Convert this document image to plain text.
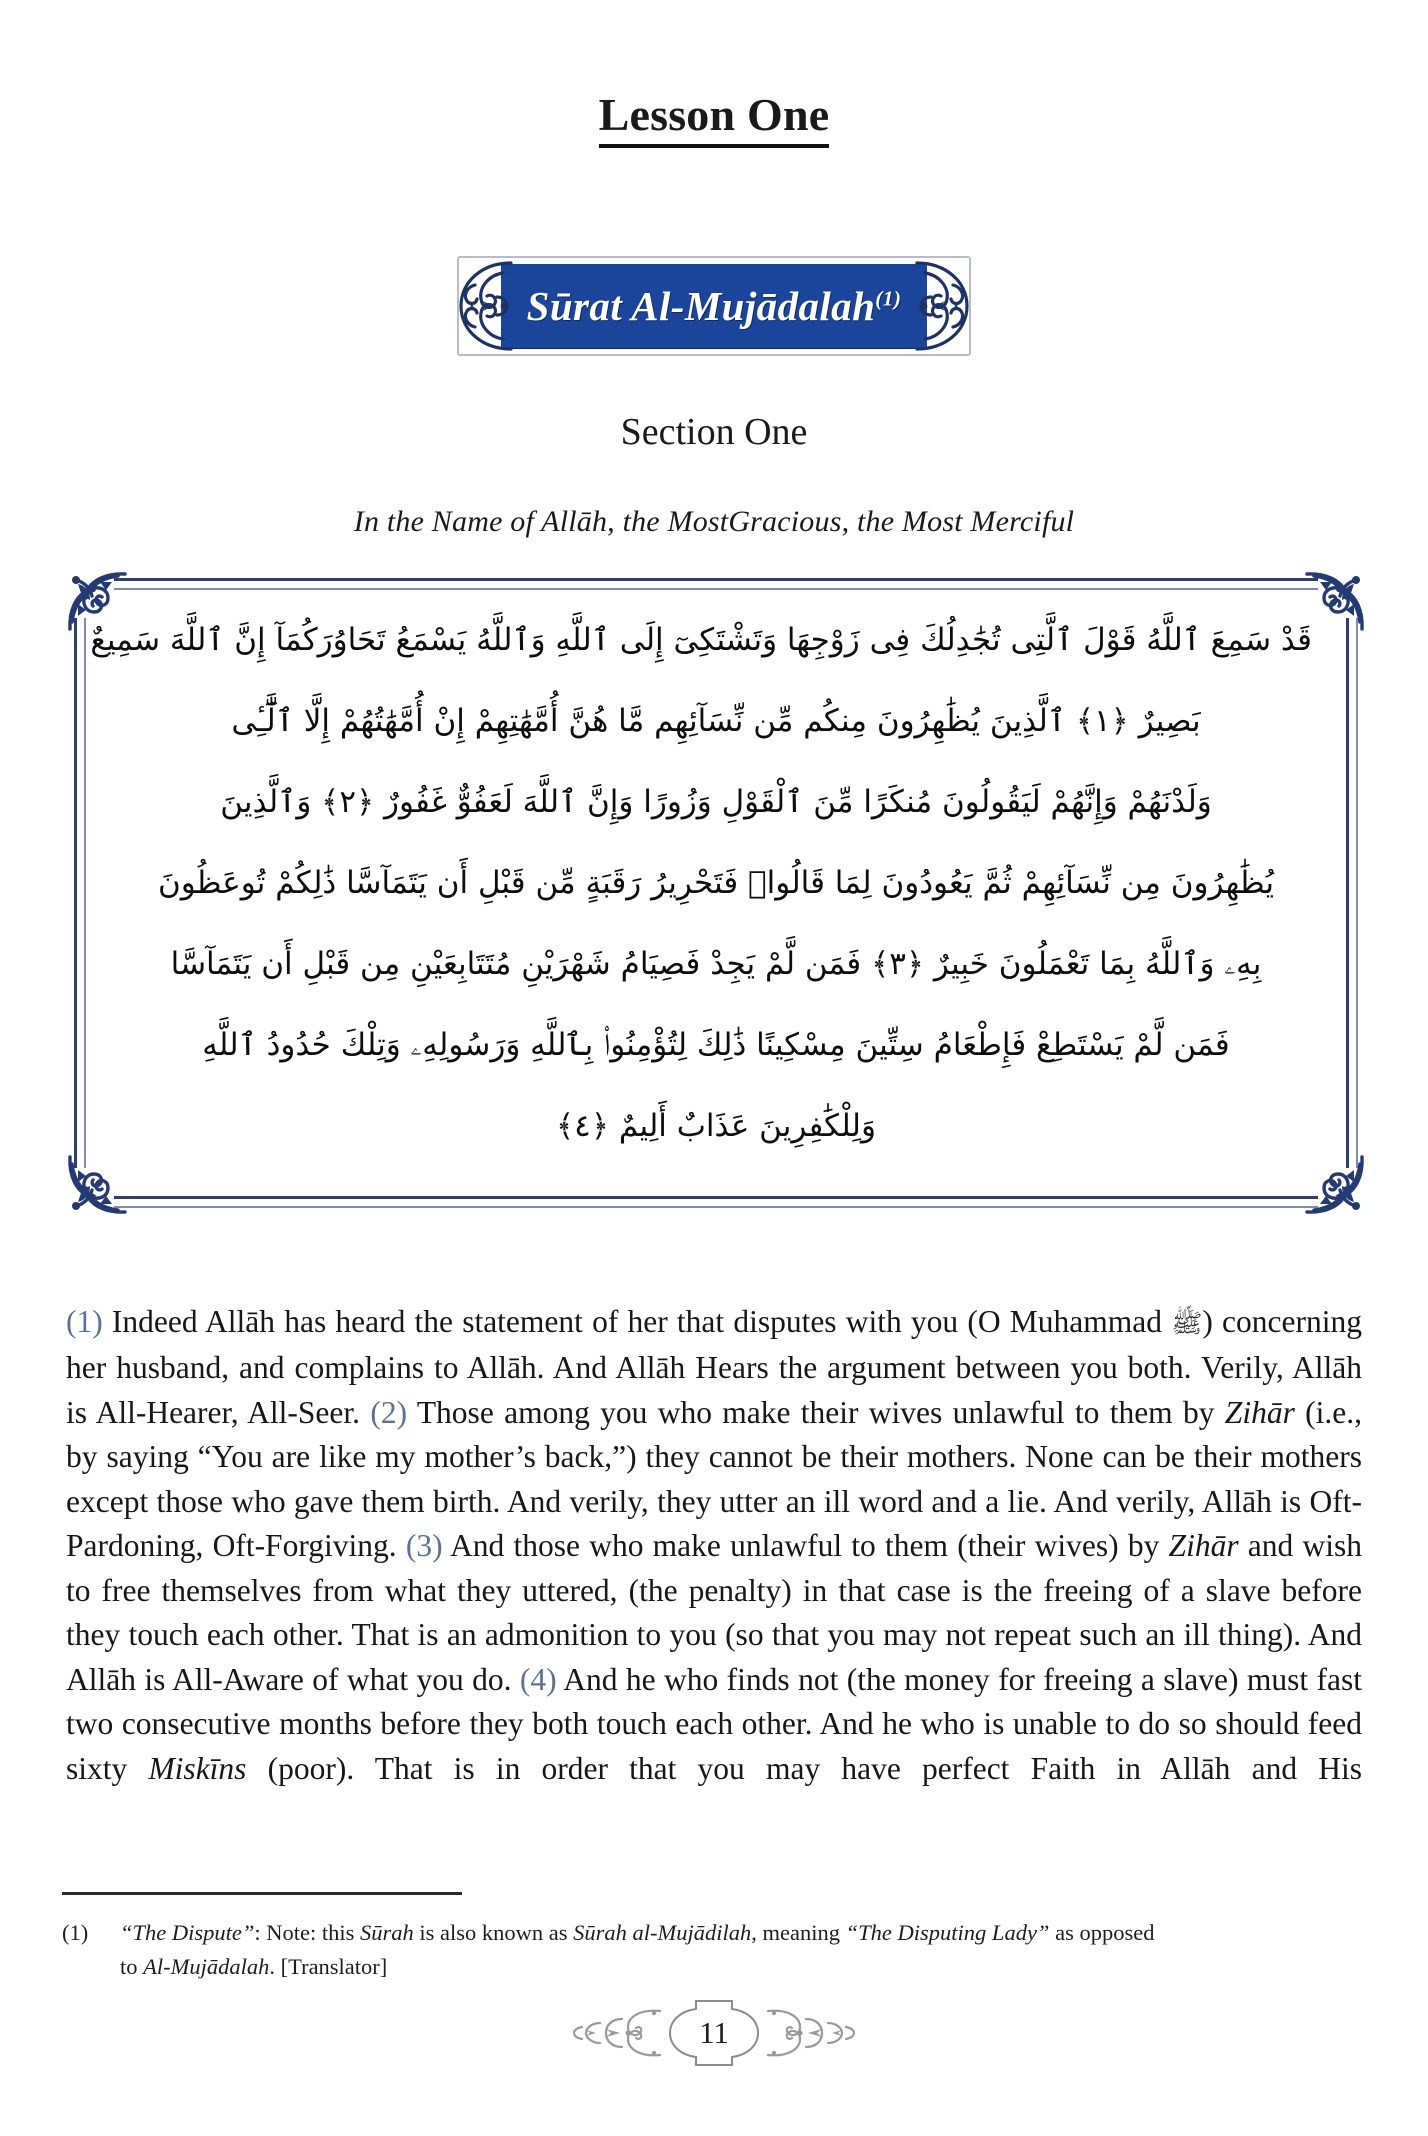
Lesson One
Sūrat Al-Mujādalah$^{(1)}$
Section One
In the Name of Allāh, the MostGracious, the Most Merciful
قَدْ سَمِعَ ٱللَّهُ قَوْلَ ٱلَّتِى تُجَٰدِلُكَ فِى زَوْجِهَا وَتَشْتَكِىٓ إِلَى ٱللَّهِ وَٱللَّهُ يَسْمَعُ تَحَاوُرَكُمَآ إِنَّ ٱللَّهَ سَمِيعٌ
بَصِيرٌ ﴿١﴾ ٱلَّذِينَ يُظَٰهِرُونَ مِنكُم مِّن نِّسَآئِهِم مَّا هُنَّ أُمَّهَٰتِهِمْ إِنْ أُمَّهَٰتُهُمْ إِلَّا ٱلَّٰٓـِٔى
وَلَدْنَهُمْ وَإِنَّهُمْ لَيَقُولُونَ مُنكَرًا مِّنَ ٱلْقَوْلِ وَزُورًا وَإِنَّ ٱللَّهَ لَعَفُوٌّ غَفُورٌ ﴿٢﴾ وَٱلَّذِينَ
يُظَٰهِرُونَ مِن نِّسَآئِهِمْ ثُمَّ يَعُودُونَ لِمَا قَالُوا۟ فَتَحْرِيرُ رَقَبَةٍ مِّن قَبْلِ أَن يَتَمَآسَّا ذَٰلِكُمْ تُوعَظُونَ
بِهِۦ وَٱللَّهُ بِمَا تَعْمَلُونَ خَبِيرٌ ﴿٣﴾ فَمَن لَّمْ يَجِدْ فَصِيَامُ شَهْرَيْنِ مُتَتَابِعَيْنِ مِن قَبْلِ أَن يَتَمَآسَّا
فَمَن لَّمْ يَسْتَطِعْ فَإِطْعَامُ سِتِّينَ مِسْكِينًا ذَٰلِكَ لِتُؤْمِنُوا۟ بِٱللَّهِ وَرَسُولِهِۦ وَتِلْكَ حُدُودُ ٱللَّهِ
وَلِلْكَٰفِرِينَ عَذَابٌ أَلِيمٌ ﴿٤﴾

(1) Indeed Allāh has heard the statement of her that disputes with you (O Muhammad ﷺ) concerning her husband, and complains to Allāh. And Allāh Hears the argument between you both. Verily, Allāh is All-Hearer, All-Seer. (2) Those among you who make their wives unlawful to them by Zihār (i.e., by saying “You are like my mother’s back,”) they cannot be their mothers. None can be their mothers except those who gave them birth. And verily, they utter an ill word and a lie. And verily, Allāh is Oft-Pardoning, Oft-Forgiving. (3) And those who make unlawful to them (their wives) by Zihār and wish to free themselves from what they uttered, (the penalty) in that case is the freeing of a slave before they touch each other. That is an admonition to you (so that you may not repeat such an ill thing). And Allāh is All-Aware of what you do. (4) And he who finds not (the money for freeing a slave) must fast two consecutive months before they both touch each other. And he who is unable to do so should feed sixty Miskīns (poor). That is in order that you may have perfect Faith in Allāh and His

(1) “The Dispute”: Note: this Sūrah is also known as Sūrah al-Mujādilah, meaning “The Disputing Lady” as opposed
to Al-Mujādalah. [Translator]
11
